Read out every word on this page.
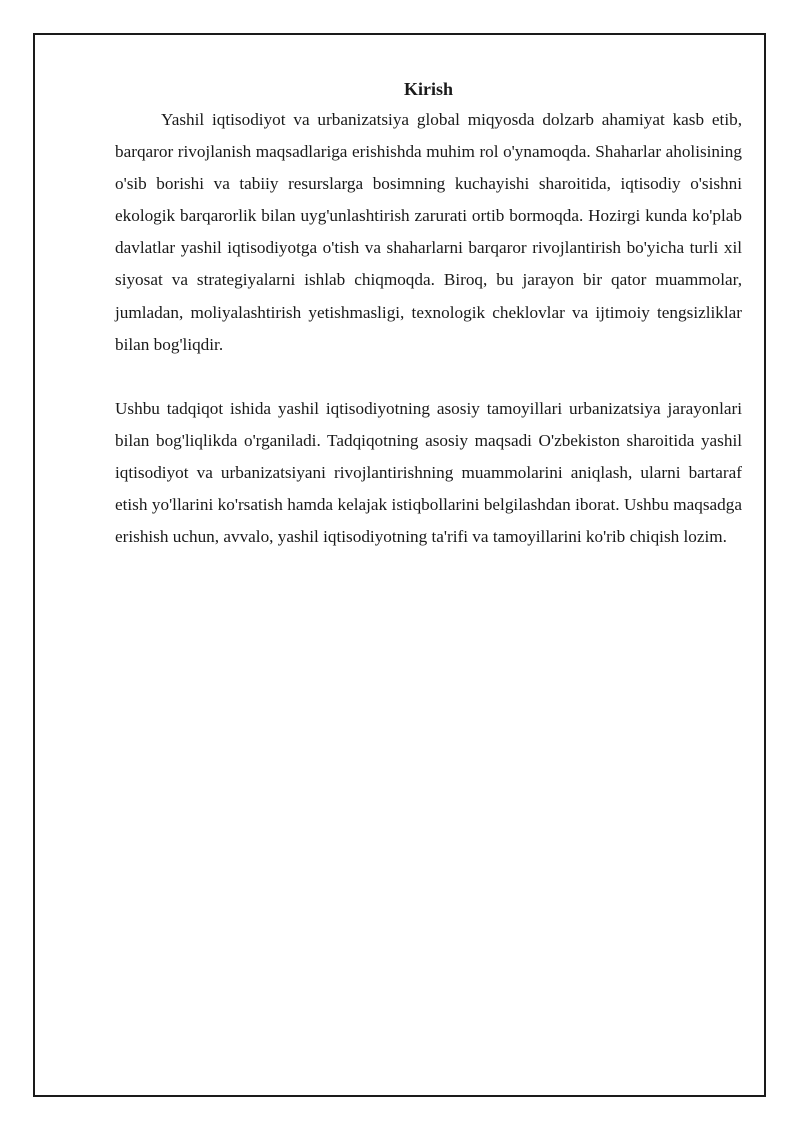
Kirish

Yashil iqtisodiyot va urbanizatsiya global miqyosda dolzarb ahamiyat kasb etib, barqaror rivojlanish maqsadlariga erishishda muhim rol o'ynamoqda. Shaharlar aholisining o'sib borishi va tabiiy resurslarga bosimning kuchayishi sharoitida, iqtisodiy o'sishni ekologik barqarorlik bilan uyg'unlashtirish zarurati ortib bormoqda. Hozirgi kunda ko'plab davlatlar yashil iqtisodiyotga o'tish va shaharlarni barqaror rivojlantirish bo'yicha turli xil siyosat va strategiyalarni ishlab chiqmoqda. Biroq, bu jarayon bir qator muammolar, jumladan, moliyalashtirish yetishmasligi, texnologik cheklovlar va ijtimoiy tengsizliklar bilan bog'liqdir.

Ushbu tadqiqot ishida yashil iqtisodiyotning asosiy tamoyillari urbanizatsiya jarayonlari bilan bog'liqlikda o'rganiladi. Tadqiqotning asosiy maqsadi O'zbekiston sharoitida yashil iqtisodiyot va urbanizatsiyani rivojlantirishning muammolarini aniqlash, ularni bartaraf etish yo'llarini ko'rsatish hamda kelajak istiqbollarini belgilashdan iborat. Ushbu maqsadga erishish uchun, avvalo, yashil iqtisodiyotning ta'rifi va tamoyillarini ko'rib chiqish lozim.
